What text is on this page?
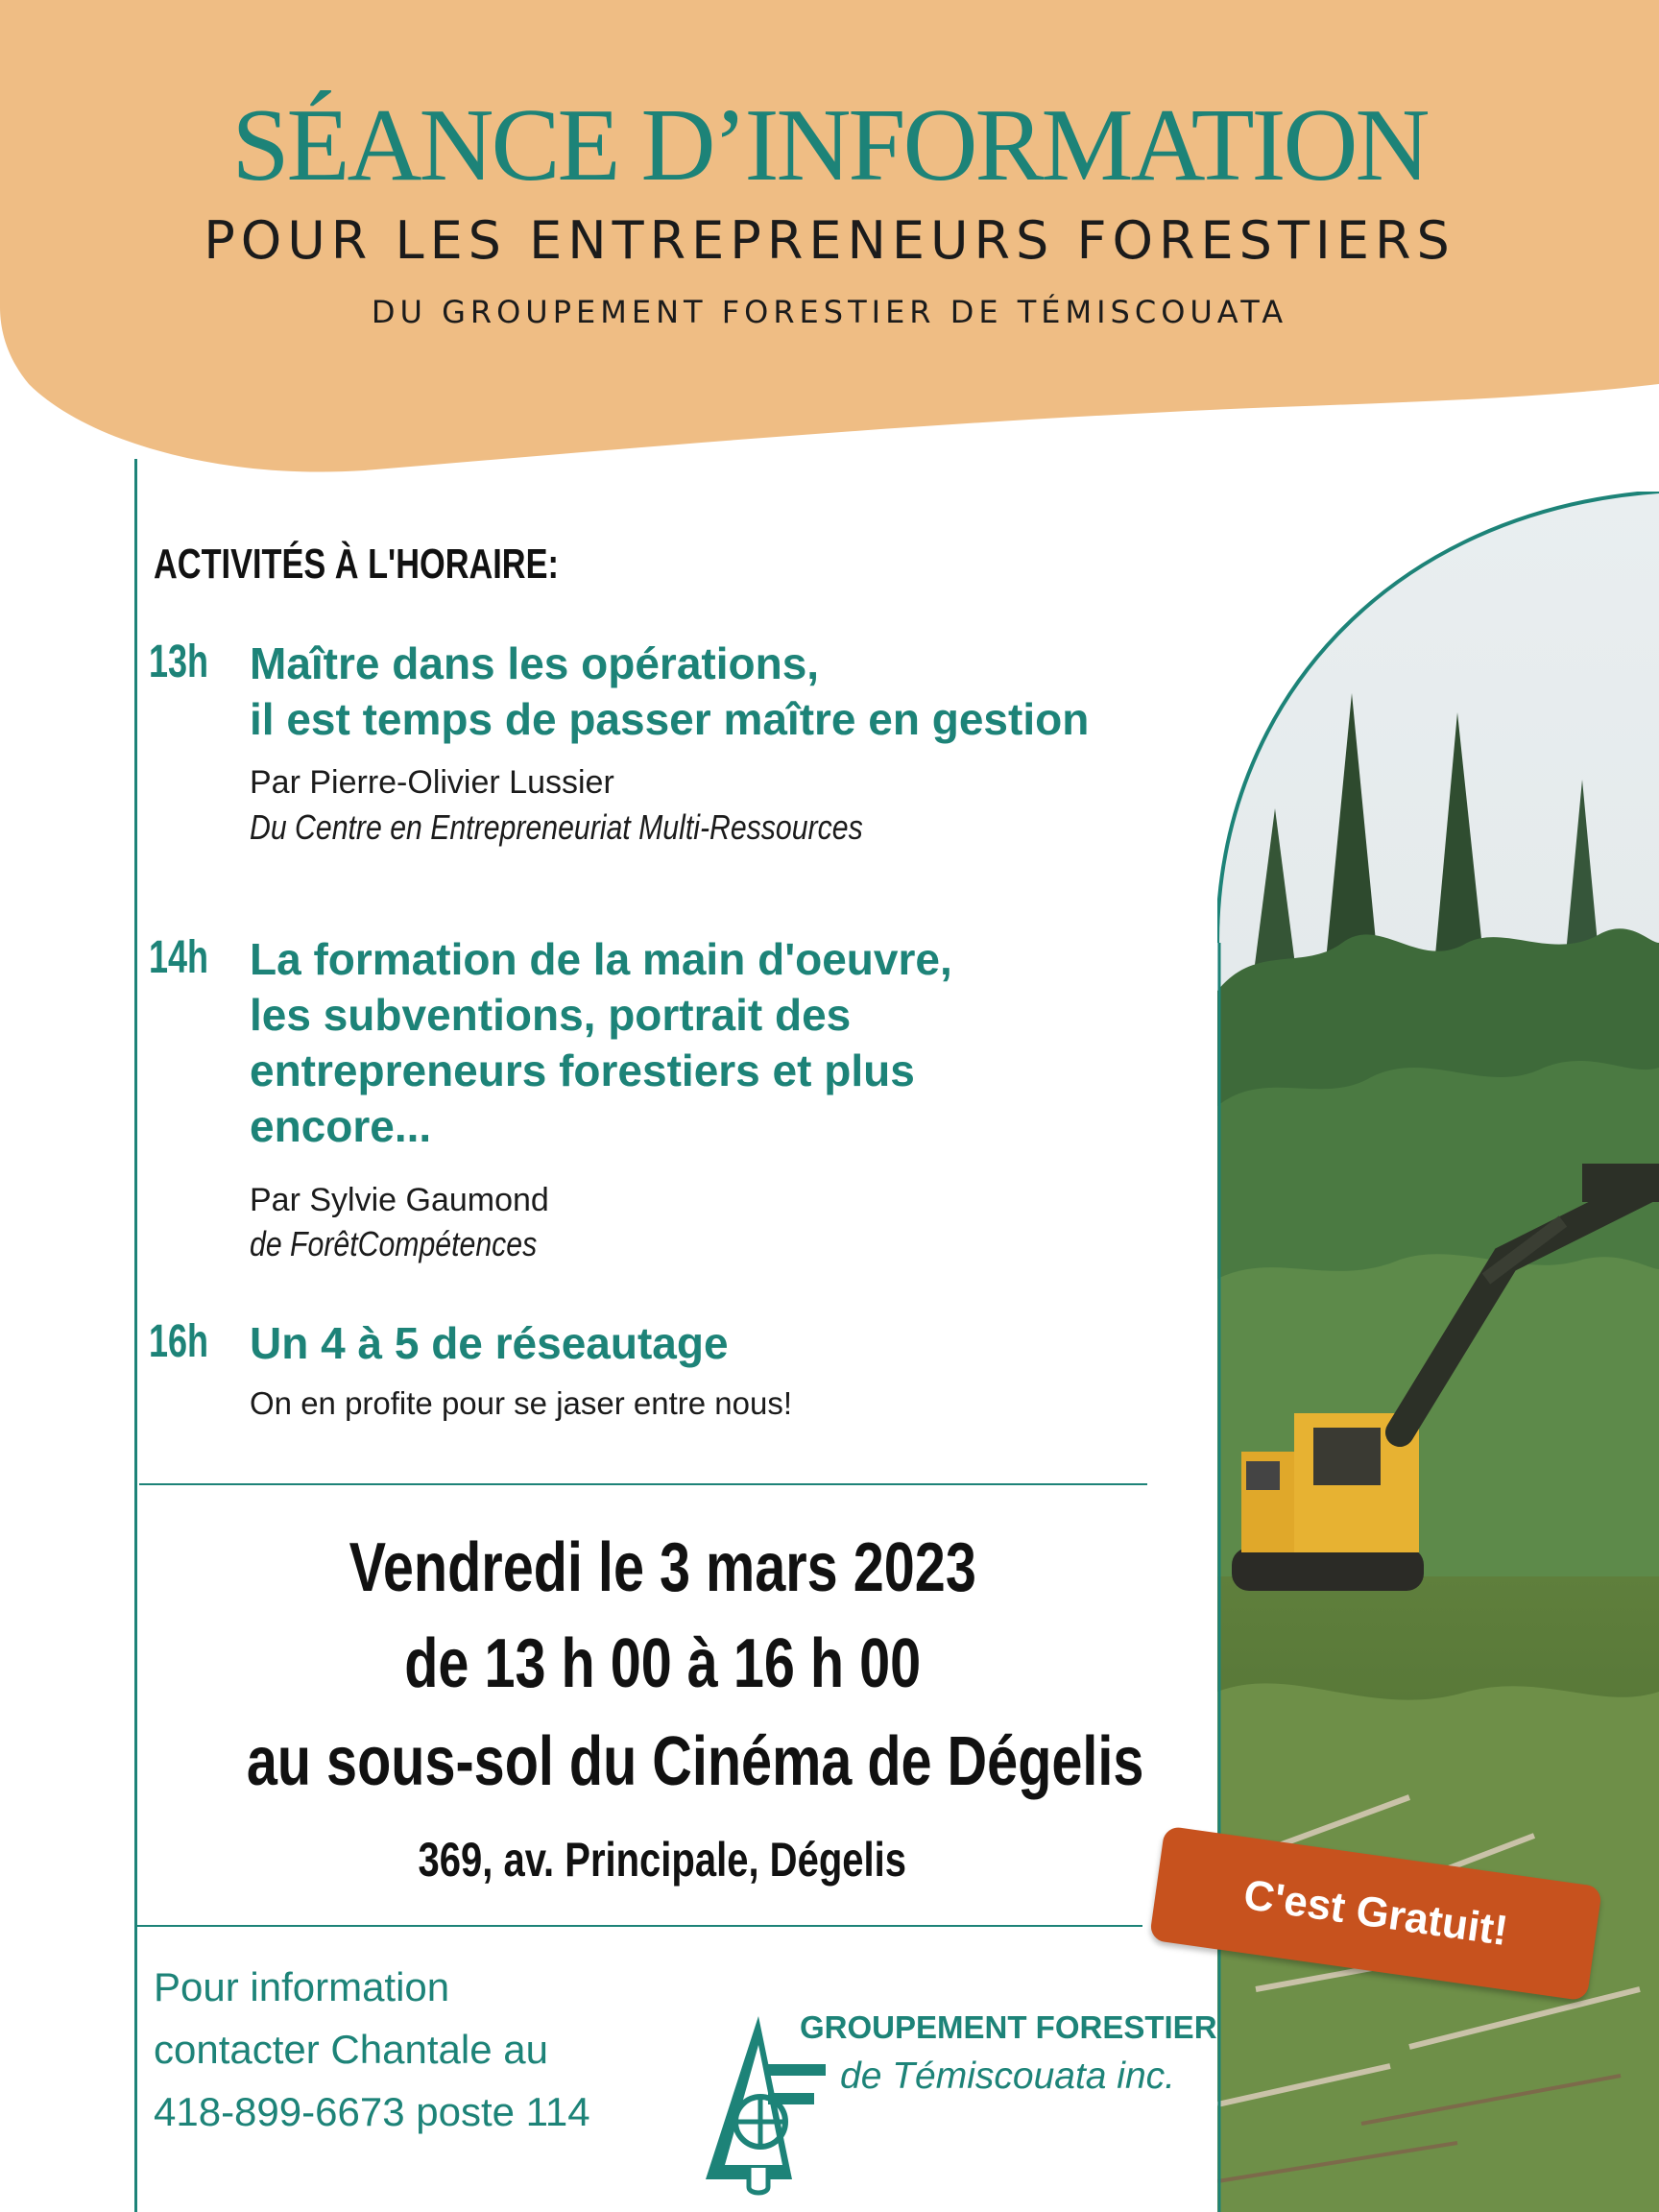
SÉANCE D’INFORMATION
POUR LES ENTREPRENEURS FORESTIERS
DU GROUPEMENT FORESTIER DE TÉMISCOUATA
ACTIVITÉS À L'HORAIRE:
13h Maître dans les opérations,
il est temps de passer maître en gestion
Par Pierre-Olivier Lussier
Du Centre en Entrepreneuriat Multi-Ressources
14h La formation de la main d'oeuvre,
les subventions, portrait des
entrepreneurs forestiers et plus
encore...
Par Sylvie Gaumond
de ForêtCompétences
16h Un 4 à 5 de réseautage
On en profite pour se jaser entre nous!
Vendredi le 3 mars 2023
de 13 h 00 à 16 h 00
au sous-sol du Cinéma de Dégelis
369, av. Principale, Dégelis
Pour information
contacter Chantale au
418-899-6673 poste 114
GROUPEMENT FORESTIER
de Témiscouata inc.
C'est Gratuit!
